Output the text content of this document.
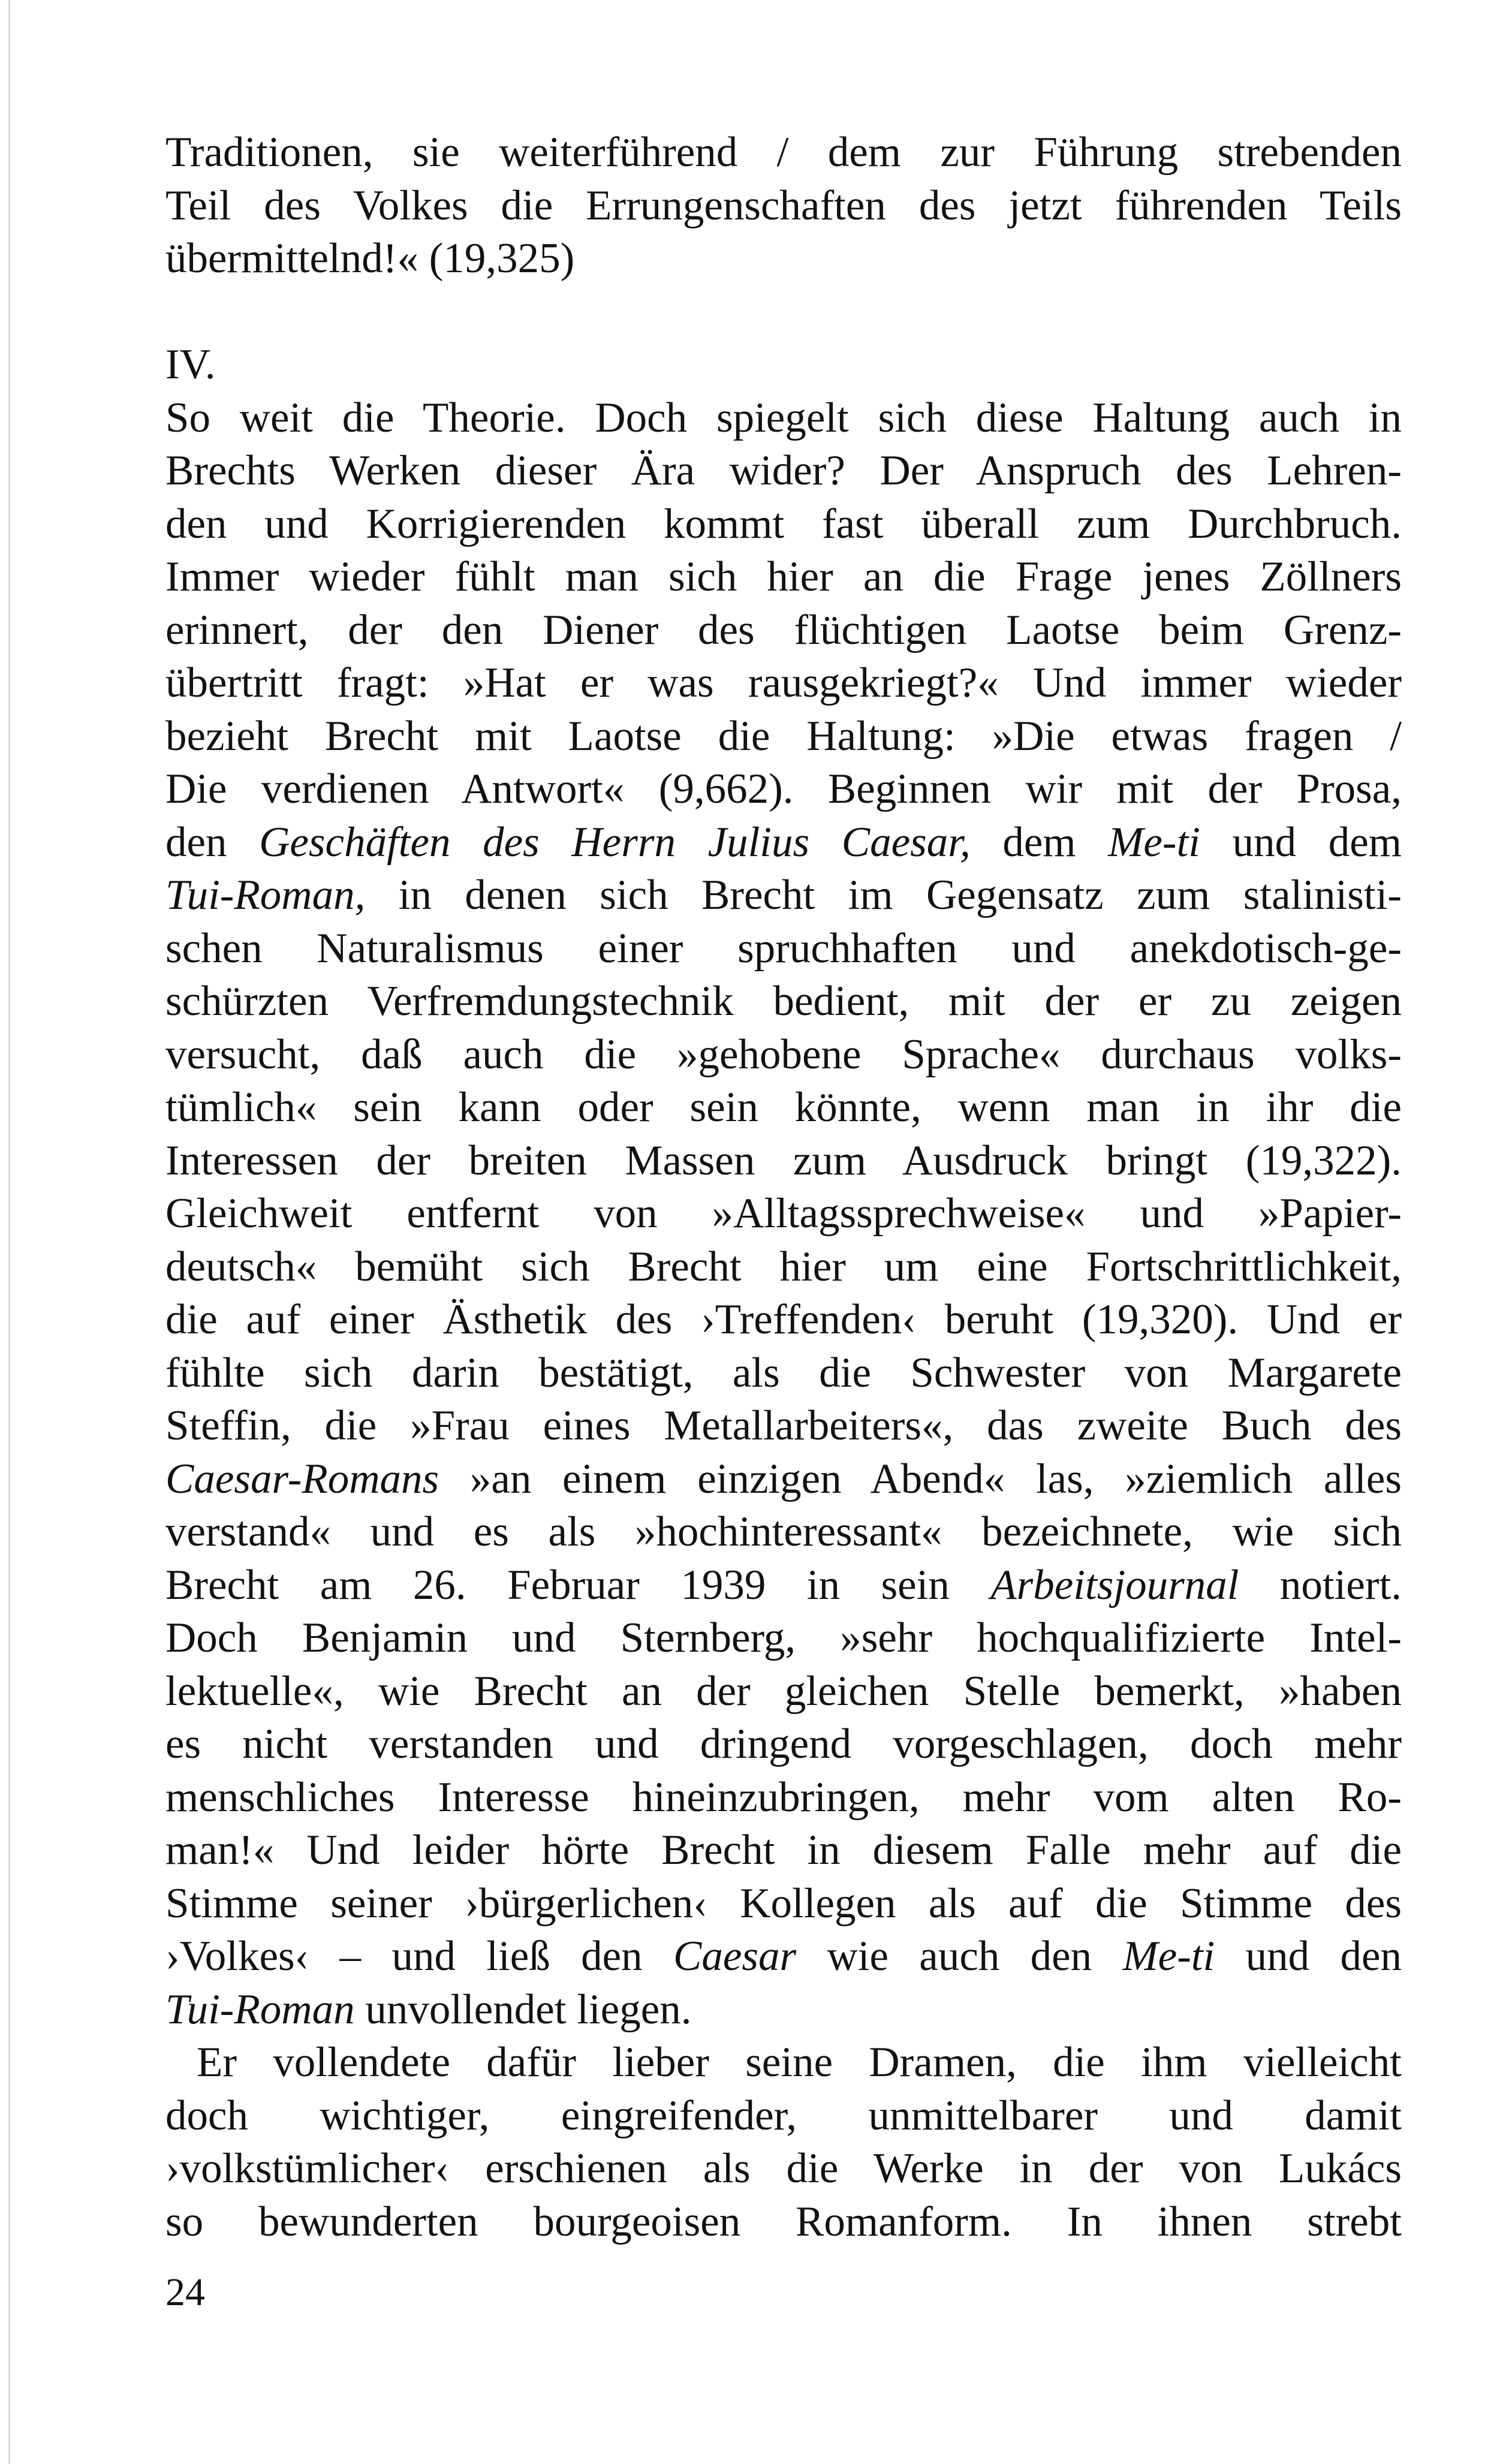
Traditionen, sie weiterführend / dem zur Führung strebenden
Teil des Volkes die Errungenschaften des jetzt führenden Teils
übermittelnd!« (19,325)
IV.
So weit die Theorie. Doch spiegelt sich diese Haltung auch in
Brechts Werken dieser Ära wider? Der Anspruch des Lehren-
den und Korrigierenden kommt fast überall zum Durchbruch.
Immer wieder fühlt man sich hier an die Frage jenes Zöllners
erinnert, der den Diener des flüchtigen Laotse beim Grenz-
übertritt fragt: »Hat er was rausgekriegt?« Und immer wieder
bezieht Brecht mit Laotse die Haltung: »Die etwas fragen /
Die verdienen Antwort« (9,662). Beginnen wir mit der Prosa,
den Geschäften des Herrn Julius Caesar, dem Me-ti und dem
Tui-Roman, in denen sich Brecht im Gegensatz zum stalinisti-
schen Naturalismus einer spruchhaften und anekdotisch-ge-
schürzten Verfremdungstechnik bedient, mit der er zu zeigen
versucht, daß auch die »gehobene Sprache« durchaus volks-
tümlich« sein kann oder sein könnte, wenn man in ihr die
Interessen der breiten Massen zum Ausdruck bringt (19,322).
Gleichweit entfernt von »Alltagssprechweise« und »Papier-
deutsch« bemüht sich Brecht hier um eine Fortschrittlichkeit,
die auf einer Ästhetik des ›Treffenden‹ beruht (19,320). Und er
fühlte sich darin bestätigt, als die Schwester von Margarete
Steffin, die »Frau eines Metallarbeiters«, das zweite Buch des
Caesar-Romans »an einem einzigen Abend« las, »ziemlich alles
verstand« und es als »hochinteressant« bezeichnete, wie sich
Brecht am 26. Februar 1939 in sein Arbeitsjournal notiert.
Doch Benjamin und Sternberg, »sehr hochqualifizierte Intel-
lektuelle«, wie Brecht an der gleichen Stelle bemerkt, »haben
es nicht verstanden und dringend vorgeschlagen, doch mehr
menschliches Interesse hineinzubringen, mehr vom alten Ro-
man!« Und leider hörte Brecht in diesem Falle mehr auf die
Stimme seiner ›bürgerlichen‹ Kollegen als auf die Stimme des
›Volkes‹ – und ließ den Caesar wie auch den Me-ti und den
Tui-Roman unvollendet liegen.
Er vollendete dafür lieber seine Dramen, die ihm vielleicht
doch wichtiger, eingreifender, unmittelbarer und damit
›volkstümlicher‹ erschienen als die Werke in der von Lukács
so bewunderten bourgeoisen Romanform. In ihnen strebt
24
